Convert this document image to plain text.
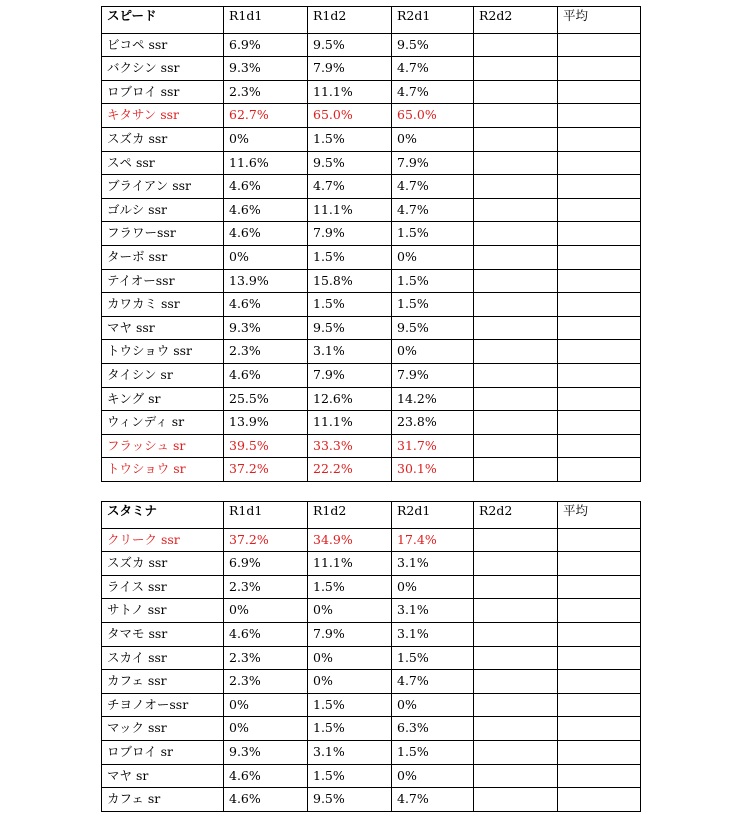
スピード	R1d1	R1d2	R2d1	R2d2	平均
ビコペ ssr	6.9%	9.5%	9.5%		
バクシン ssr	9.3%	7.9%	4.7%		
ロブロイ ssr	2.3%	11.1%	4.7%		
キタサン ssr	62.7%	65.0%	65.0%		
スズカ ssr	0%	1.5%	0%		
スペ ssr	11.6%	9.5%	7.9%		
ブライアン ssr	4.6%	4.7%	4.7%		
ゴルシ ssr	4.6%	11.1%	4.7%		
フラワーssr	4.6%	7.9%	1.5%		
ターボ ssr	0%	1.5%	0%		
テイオーssr	13.9%	15.8%	1.5%		
カワカミ ssr	4.6%	1.5%	1.5%		
マヤ ssr	9.3%	9.5%	9.5%		
トウショウ ssr	2.3%	3.1%	0%		
タイシン sr	4.6%	7.9%	7.9%		
キング sr	25.5%	12.6%	14.2%		
ウィンディ sr	13.9%	11.1%	23.8%		
フラッシュ sr	39.5%	33.3%	31.7%		
トウショウ sr	37.2%	22.2%	30.1%		
スタミナ	R1d1	R1d2	R2d1	R2d2	平均
クリーク ssr	37.2%	34.9%	17.4%		
スズカ ssr	6.9%	11.1%	3.1%		
ライス ssr	2.3%	1.5%	0%		
サトノ ssr	0%	0%	3.1%		
タマモ ssr	4.6%	7.9%	3.1%		
スカイ ssr	2.3%	0%	1.5%		
カフェ ssr	2.3%	0%	4.7%		
チヨノオーssr	0%	1.5%	0%		
マック ssr	0%	1.5%	6.3%		
ロブロイ sr	9.3%	3.1%	1.5%		
マヤ sr	4.6%	1.5%	0%		
カフェ sr	4.6%	9.5%	4.7%		
